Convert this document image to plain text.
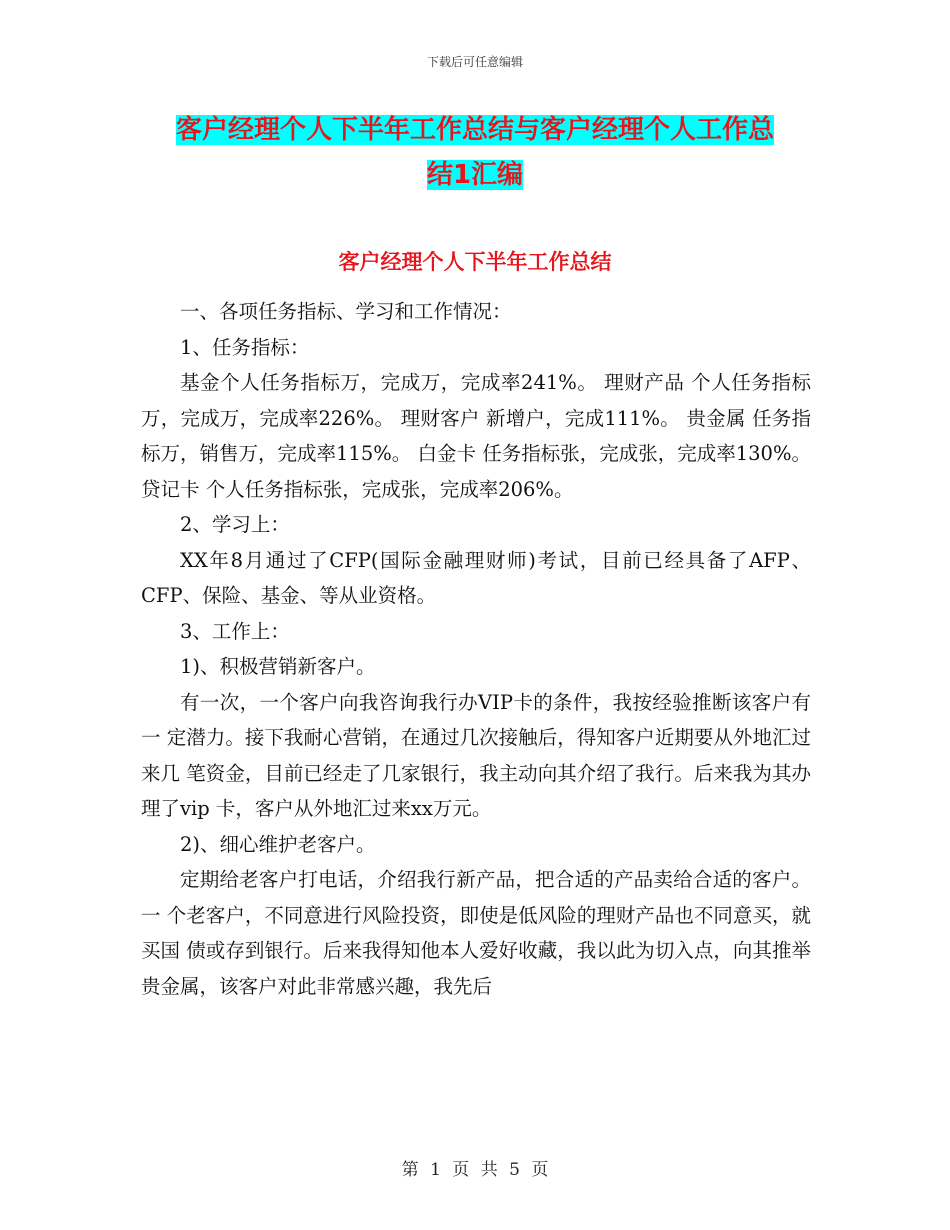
下载后可任意编辑
客户经理个人下半年工作总结与客户经理个人工作总
结1汇编
客户经理个人下半年工作总结

一、各项任务指标、学习和工作情况：

1、任务指标：

基金个人任务指标万，完成万，完成率241%。 理财产品 个人任务指标万，完成万，完成率226%。 理财客户 新增户，完成111%。 贵金属 任务指标万，销售万，完成率115%。 白金卡 任务指标张，完成张，完成率130%。贷记卡 个人任务指标张，完成张，完成率206%。

2、学习上：

XX年8月通过了CFP(国际金融理财师)考试，目前已经具备了AFP、 CFP、保险、基金、等从业资格。

3、工作上：

1)、积极营销新客户。

有一次，一个客户向我咨询我行办VIP卡的条件，我按经验推断该客户有一 定潜力。接下我耐心营销，在通过几次接触后，得知客户近期要从外地汇过来几 笔资金，目前已经走了几家银行，我主动向其介绍了我行。后来我为其办理了vip 卡，客户从外地汇过来xx万元。

2)、细心维护老客户。

定期给老客户打电话，介绍我行新产品，把合适的产品卖给合适的客户。一 个老客户，不同意进行风险投资，即使是低风险的理财产品也不同意买，就买国 债或存到银行。后来我得知他本人爱好收藏，我以此为切入点，向其推举贵金属，该客户对此非常感兴趣，我先后

第 1 页 共 5 页
